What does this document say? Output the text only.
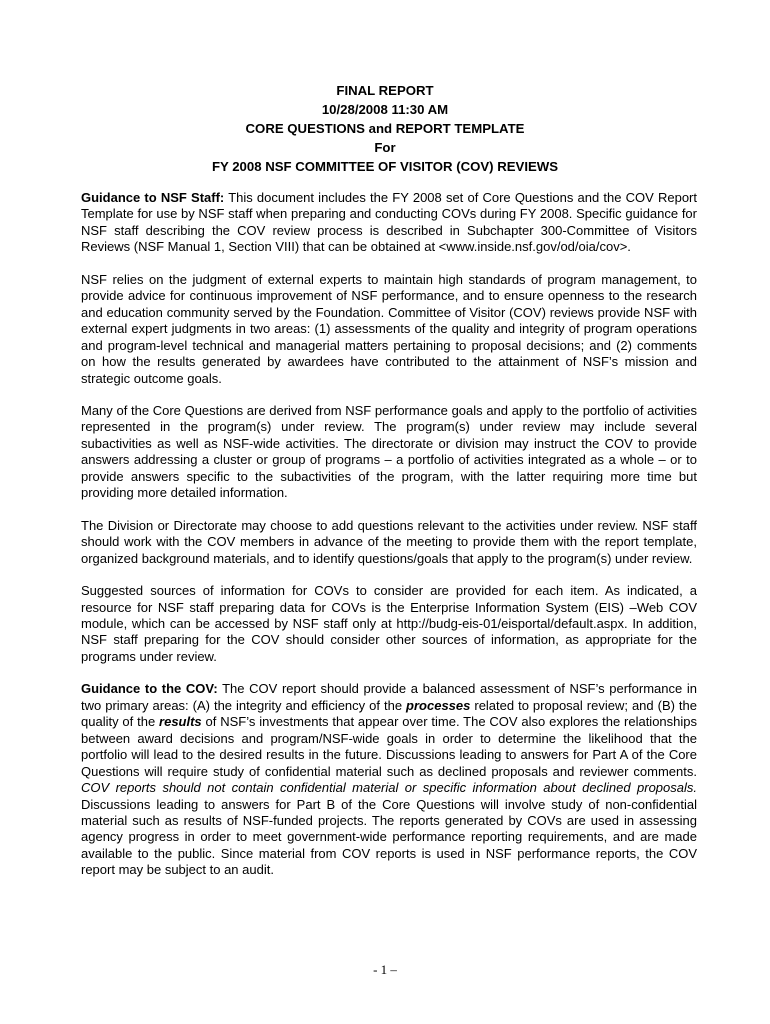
FINAL REPORT
10/28/2008 11:30 AM
CORE QUESTIONS and REPORT TEMPLATE
For
FY 2008 NSF COMMITTEE OF VISITOR (COV) REVIEWS

Guidance to NSF Staff: This document includes the FY 2008 set of Core Questions and the COV Report Template for use by NSF staff when preparing and conducting COVs during FY 2008. Specific guidance for NSF staff describing the COV review process is described in Subchapter 300-Committee of Visitors Reviews (NSF Manual 1, Section VIII) that can be obtained at <www.inside.nsf.gov/od/oia/cov>.

NSF relies on the judgment of external experts to maintain high standards of program management, to provide advice for continuous improvement of NSF performance, and to ensure openness to the research and education community served by the Foundation. Committee of Visitor (COV) reviews provide NSF with external expert judgments in two areas: (1) assessments of the quality and integrity of program operations and program-level technical and managerial matters pertaining to proposal decisions; and (2) comments on how the results generated by awardees have contributed to the attainment of NSF’s mission and strategic outcome goals.

Many of the Core Questions are derived from NSF performance goals and apply to the portfolio of activities represented in the program(s) under review. The program(s) under review may include several subactivities as well as NSF-wide activities. The directorate or division may instruct the COV to provide answers addressing a cluster or group of programs – a portfolio of activities integrated as a whole – or to provide answers specific to the subactivities of the program, with the latter requiring more time but providing more detailed information.

The Division or Directorate may choose to add questions relevant to the activities under review. NSF staff should work with the COV members in advance of the meeting to provide them with the report template, organized background materials, and to identify questions/goals that apply to the program(s) under review.

Suggested sources of information for COVs to consider are provided for each item. As indicated, a resource for NSF staff preparing data for COVs is the Enterprise Information System (EIS) –Web COV module, which can be accessed by NSF staff only at http://budg-eis-01/eisportal/default.aspx. In addition, NSF staff preparing for the COV should consider other sources of information, as appropriate for the programs under review.

Guidance to the COV: The COV report should provide a balanced assessment of NSF’s performance in two primary areas: (A) the integrity and efficiency of the processes related to proposal review; and (B) the quality of the results of NSF’s investments that appear over time. The COV also explores the relationships between award decisions and program/NSF-wide goals in order to determine the likelihood that the portfolio will lead to the desired results in the future. Discussions leading to answers for Part A of the Core Questions will require study of confidential material such as declined proposals and reviewer comments. COV reports should not contain confidential material or specific information about declined proposals. Discussions leading to answers for Part B of the Core Questions will involve study of non-confidential material such as results of NSF-funded projects. The reports generated by COVs are used in assessing agency progress in order to meet government-wide performance reporting requirements, and are made available to the public. Since material from COV reports is used in NSF performance reports, the COV report may be subject to an audit.

- 1 –
